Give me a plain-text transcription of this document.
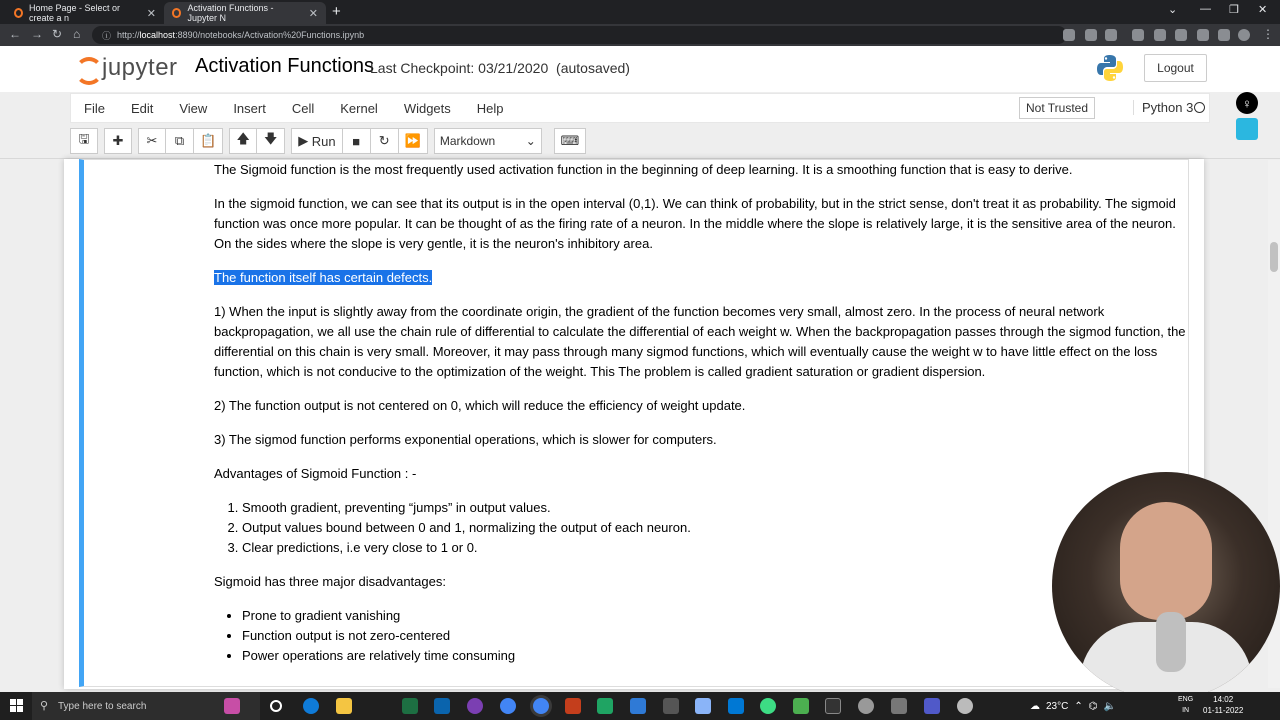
Home Page - Select or create a n	✕	Activation Functions - Jupyter N	✕ +	⌄ — ❐ ✕
← → ↻ ⌂ ⓘ http://localhost:8890/notebooks/Activation%20Functions.ipynb	⋮
jupyter Activation Functions
Last Checkpoint: 03/21/2020 (autosaved)	Logout
File	Edit	View	Insert	Cell	Kernel	Widgets	Help	Not Trusted	Python 3	♀
🖫	✚	✂	⧉	📋	🡅	🡇	▶ Run	■	↻	⏩	Markdown	⌄	⌨

The Sigmoid function is the most frequently used activation function in the beginning of deep learning. It is a smoothing function that is easy to derive.

In the sigmoid function, we can see that its output is in the open interval (0,1). We can think of probability, but in the strict sense, don't treat it as probability. The sigmoid function was once more popular. It can be thought of as the firing rate of a neuron. In the middle where the slope is relatively large, it is the sensitive area of the neuron. On the sides where the slope is very gentle, it is the neuron's inhibitory area.

The function itself has certain defects.

1) When the input is slightly away from the coordinate origin, the gradient of the function becomes very small, almost zero. In the process of neural network backpropagation, we all use the chain rule of differential to calculate the differential of each weight w. When the backpropagation passes through the sigmod function, the differential on this chain is very small. Moreover, it may pass through many sigmod functions, which will eventually cause the weight w to have little effect on the loss function, which is not conducive to the optimization of the weight. This The problem is called gradient saturation or gradient dispersion.

2) The function output is not centered on 0, which will reduce the efficiency of weight update.

3) The sigmod function performs exponential operations, which is slower for computers.

Advantages of Sigmoid Function : -

1. Smooth gradient, preventing “jumps” in output values.
2. Output values bound between 0 and 1, normalizing the output of each neuron.
3. Clear predictions, i.e very close to 1 or 0.

Sigmoid has three major disadvantages:

• Prone to gradient vanishing
• Function output is not zero-centered
• Power operations are relatively time consuming
⚲ Type here to search	☁ 23°C ⌃ ⌬ 🔈
ENG
IN
14:02
01-11-2022
